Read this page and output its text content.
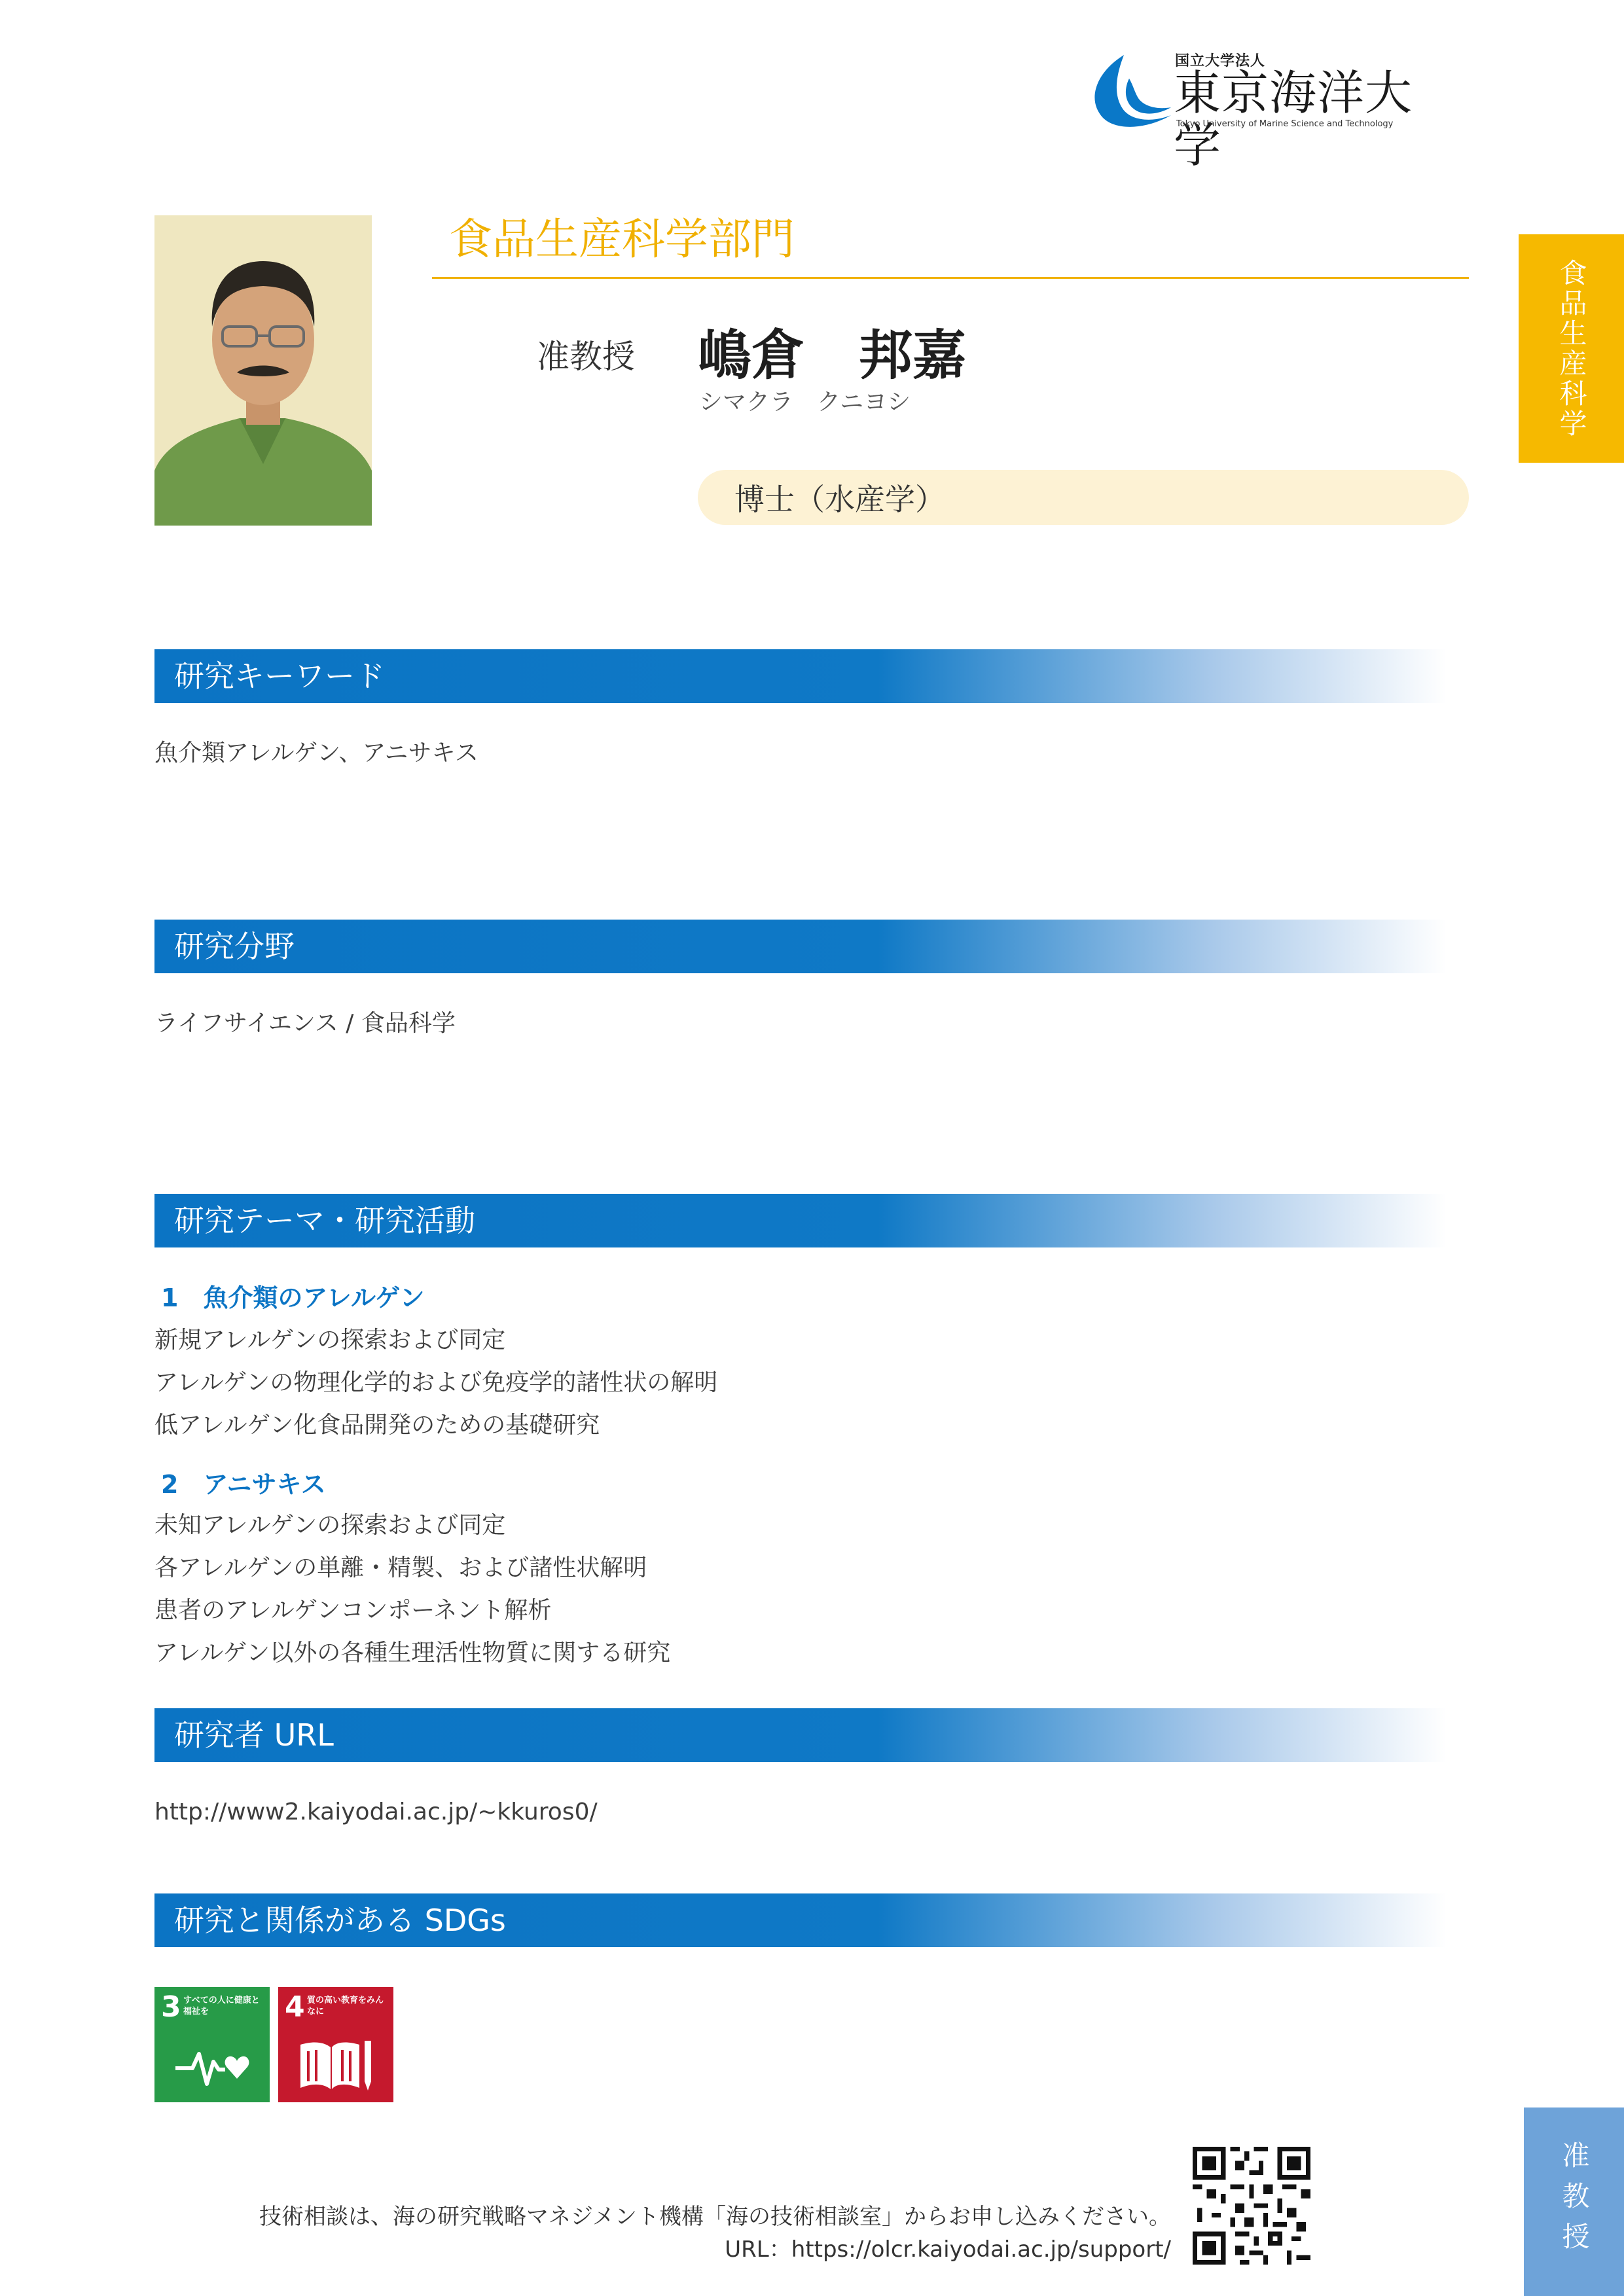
国立大学法人
東京海洋大学
Tokyo University of Marine Science and Technology
食品生産科学
准教授
食品生産科学部門
准教授 嶋倉　邦嘉
シマクラ　クニヨシ
博士（水産学）
研究キーワード
魚介類アレルゲン、アニサキス
研究分野
ライフサイエンス / 食品科学
研究テーマ・研究活動
1　魚介類のアレルゲン
新規アレルゲンの探索および同定
アレルゲンの物理化学的および免疫学的諸性状の解明
低アレルゲン化食品開発のための基礎研究
2　アニサキス
未知アレルゲンの探索および同定
各アレルゲンの単離・精製、および諸性状解明
患者のアレルゲンコンポーネント解析
アレルゲン以外の各種生理活性物質に関する研究
研究者 URL
http://www2.kaiyodai.ac.jp/~kkuros0/
研究と関係がある SDGs
3 すべての人に健康と福祉を	4 質の高い教育をみんなに
技術相談は、海の研究戦略マネジメント機構「海の技術相談室」からお申し込みください。
URL：https://olcr.kaiyodai.ac.jp/support/
